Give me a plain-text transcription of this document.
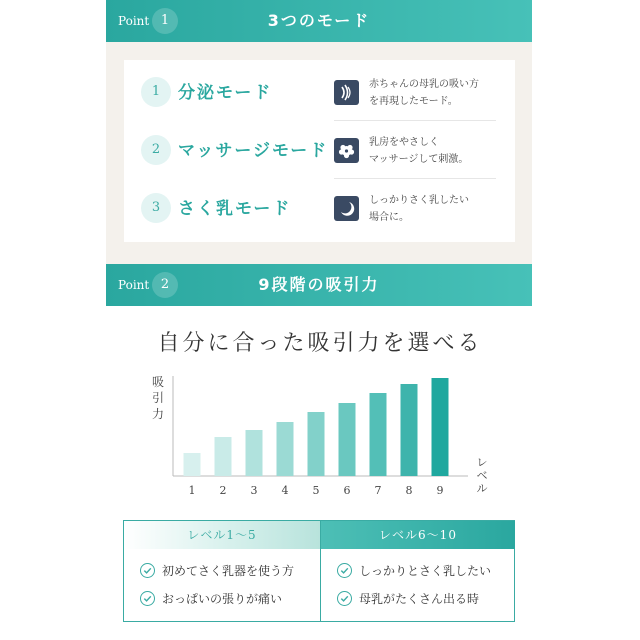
Point 1	3つのモード
1	分泌モード	赤ちゃんの母乳の吸い方
を再現したモード。
2	マッサージモード	乳房をやさしく
マッサージして刺激。
3	さく乳モード	しっかりさく乳したい
場合に。
Point 2	9段階の吸引力
自分に合った吸引力を選べる
吸
引
力
1 2 3 4 5 6 7 8 9
レ
ベ
ル
レベル1～5
初めてさく乳器を使う方
おっぱいの張りが痛い
レベル6～10
しっかりとさく乳したい
母乳がたくさん出る時
